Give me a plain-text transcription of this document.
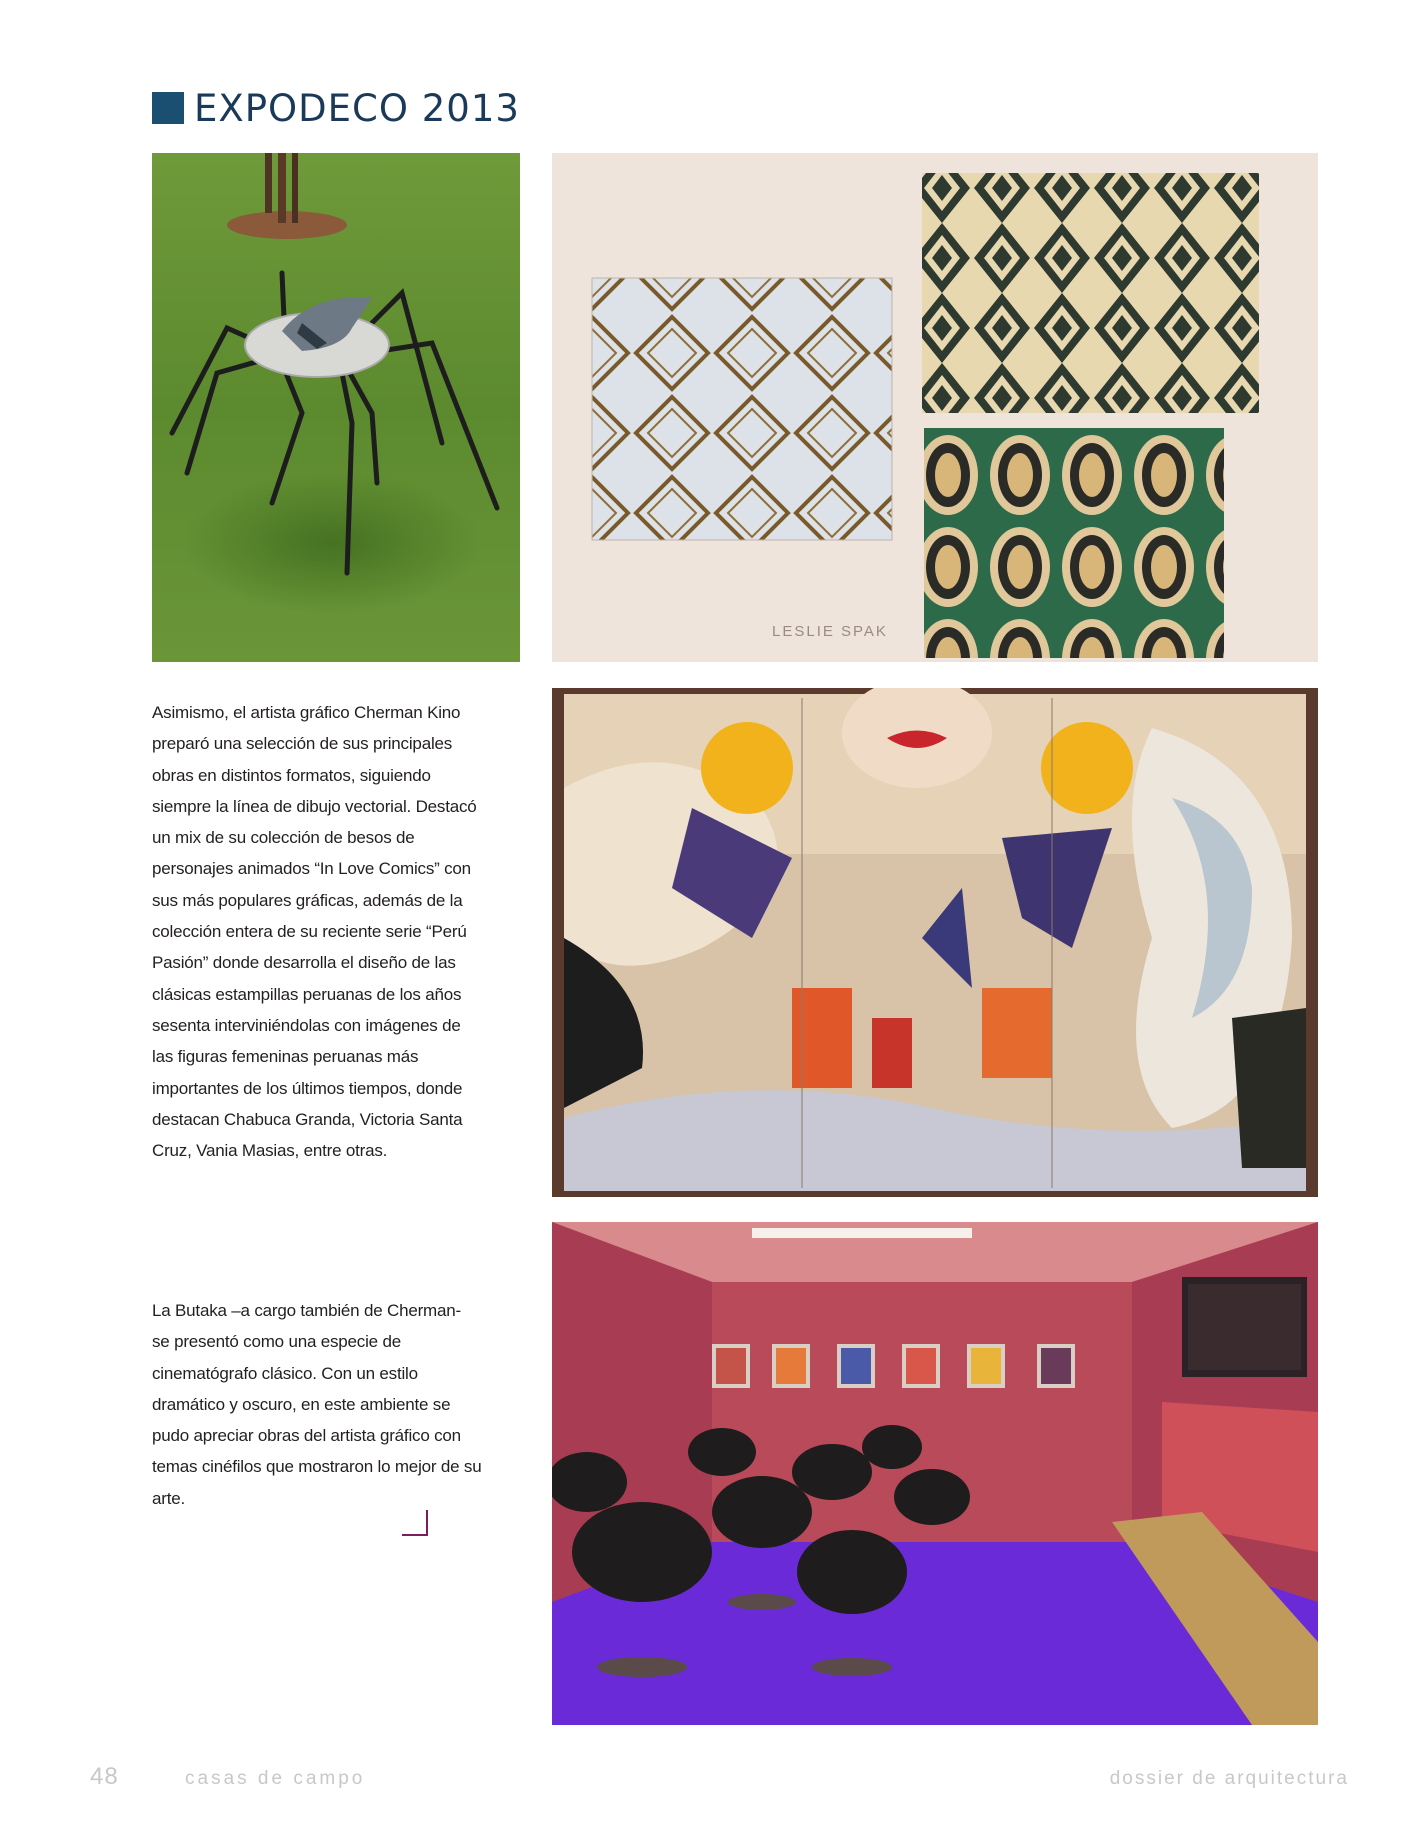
EXPODECO 2013
LESLIE SPAK
Asimismo, el artista gráfico Cherman Kino preparó una selección de sus principales obras en distintos formatos, siguiendo siempre la línea de dibujo vectorial. Destacó un mix de su colección de besos de personajes animados “In Love Comics” con sus más populares gráficas, además de la colección entera de su reciente serie “Perú Pasión” donde desarrolla el diseño de las clásicas estampillas peruanas de los años sesenta interviniéndolas con imágenes de las figuras femeninas peruanas más importantes de los últimos tiempos, donde destacan Chabuca Granda, Victoria Santa Cruz, Vania Masias, entre otras.
La Butaka –a cargo también de Cherman- se presentó como una especie de cinematógrafo clásico. Con un estilo dramático y oscuro, en este ambiente se pudo apreciar obras del artista gráfico con temas cinéfilos que mostraron lo mejor de su arte.
48	casas de campo	dossier de arquitectura
